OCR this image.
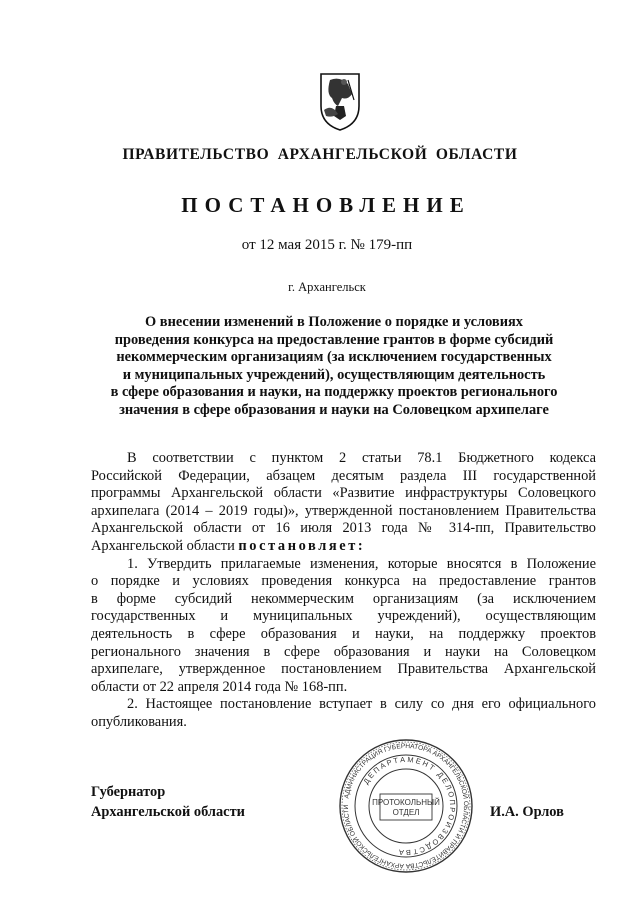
ПРАВИТЕЛЬСТВО АРХАНГЕЛЬСКОЙ ОБЛАСТИ
ПОСТАНОВЛЕНИЕ
от 12 мая 2015 г. № 179-пп
г. Архангельск
О внесении изменений в Положение о порядке и условиях
проведения конкурса на предоставление грантов в форме субсидий
некоммерческим организациям (за исключением государственных
и муниципальных учреждений), осуществляющим деятельность
в сфере образования и науки, на поддержку проектов регионального
значения в сфере образования и науки на Соловецком архипелаге
В соответствии с пунктом 2 статьи 78.1 Бюджетного кодекса
Российской Федерации, абзацем десятым раздела III государственной
программы Архангельской области «Развитие инфраструктуры Соловецкого
архипелага (2014 – 2019 годы)», утвержденной постановлением Правительства
Архангельской области от 16 июля 2013 года № 314-пп, Правительство
Архангельской области постановляет:
1. Утвердить прилагаемые изменения, которые вносятся в Положение
о порядке и условиях проведения конкурса на предоставление грантов
в форме субсидий некоммерческим организациям (за исключением
государственных и муниципальных учреждений), осуществляющим
деятельность в сфере образования и науки, на поддержку проектов
регионального значения в сфере образования и науки на Соловецком
архипелаге, утвержденное постановлением Правительства Архангельской
области от 22 апреля 2014 года № 168-пп.
2. Настоящее постановление вступает в силу со дня его официального
опубликования.
Губернатор
Архангельской области	И.А. Орлов
АДМИНИСТРАЦИЯ ГУБЕРНАТОРА АРХАНГЕЛЬСКОЙ ОБЛАСТИ И ПРАВИТЕЛЬСТВА АРХАНГЕЛЬСКОЙ ОБЛАСТИ
ДЕПАРТАМЕНТ ДЕЛОПРОИЗВОДСТВА
ПРОТОКОЛЬНЫЙ
ОТДЕЛ
